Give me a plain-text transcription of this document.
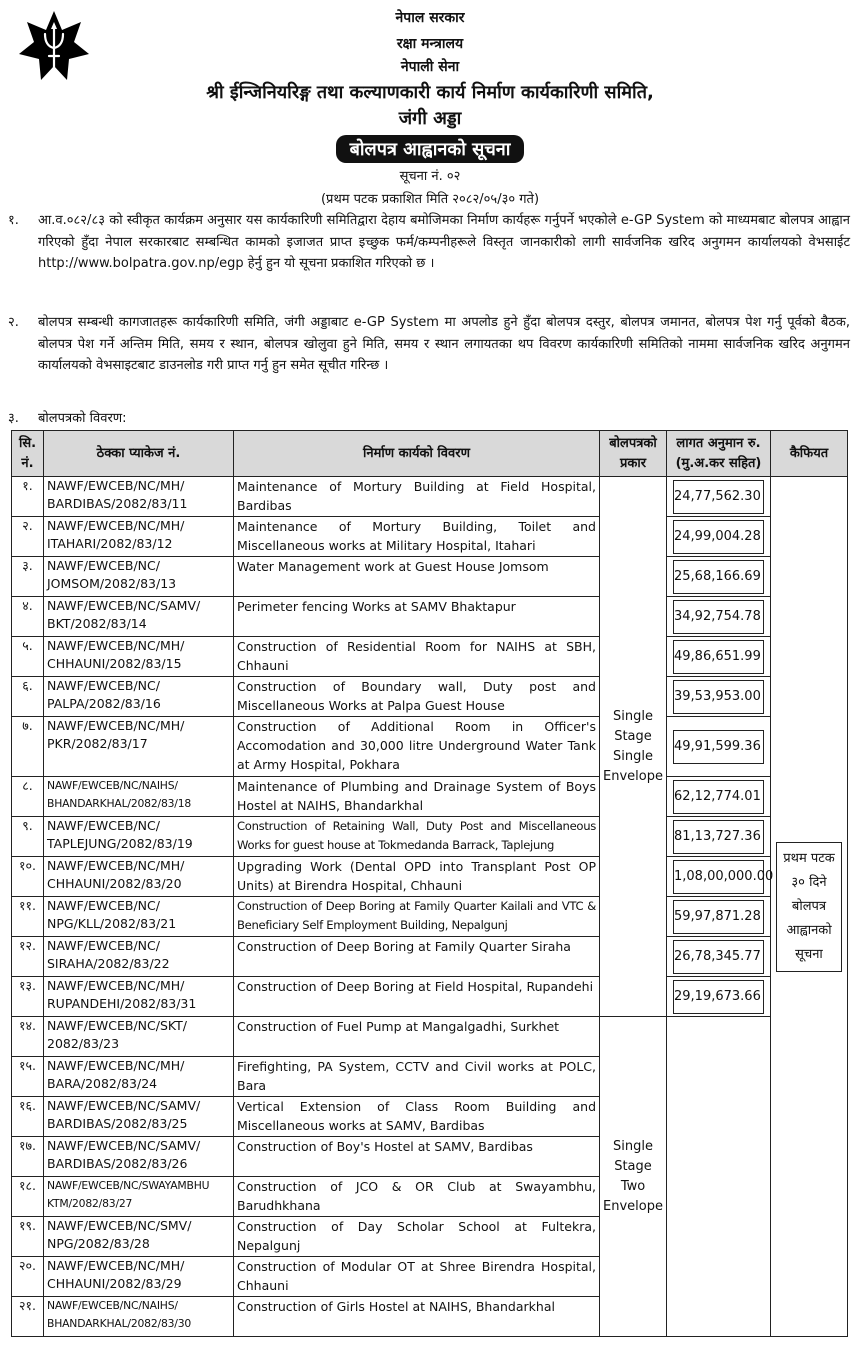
नेपाल सरकार
रक्षा मन्त्रालय
नेपाली सेना
श्री ईन्जिनियरिङ्ग तथा कल्याणकारी कार्य निर्माण कार्यकारिणी समिति,
जंगी अड्डा
बोलपत्र आह्वानको सूचना
सूचना नं. ०२
(प्रथम पटक प्रकाशित मिति २०८२/०५/३० गते)
१. आ.व.०८२/८३ को स्वीकृत कार्यक्रम अनुसार यस कार्यकारिणी समितिद्वारा देहाय बमोजिमका निर्माण कार्यहरू गर्नुपर्ने भएकोले e-GP System को माध्यमबाट बोलपत्र आह्वान गरिएको हुँदा नेपाल सरकारबाट सम्बन्धित कामको इजाजत प्राप्त इच्छुक फर्म/कम्पनीहरूले विस्तृत जानकारीको लागी सार्वजनिक खरिद अनुगमन कार्यालयको वेभसाईट http://www.bolpatra.gov.np/egp हेर्नु हुन यो सूचना प्रकाशित गरिएको छ ।
२. बोलपत्र सम्बन्धी कागजातहरू कार्यकारिणी समिति, जंगी अड्डाबाट e-GP System मा अपलोड हुने हुँदा बोलपत्र दस्तुर, बोलपत्र जमानत, बोलपत्र पेश गर्नु पूर्वको बैठक, बोलपत्र पेश गर्ने अन्तिम मिति, समय र स्थान, बोलपत्र खोलुवा हुने मिति, समय र स्थान लगायतका थप विवरण कार्यकारिणी समितिको नाममा सार्वजनिक खरिद अनुगमन कार्यालयको वेभसाइटबाट डाउनलोड गरी प्राप्त गर्नु हुन समेत सूचीत गरिन्छ ।
३. बोलपत्रको विवरण:
सि. नं.	ठेक्का प्याकेज नं.	निर्माण कार्यको विवरण	बोलपत्रको प्रकार	लागत अनुमान रु. (मु.अ.कर सहित)	कैफियत
१.	NAWF/EWCEB/NC/MH/
BARDIBAS/2082/83/11	Maintenance of Mortury Building at Field Hospital, Bardibas	Single Stage Single Envelope	24,77,562.30	प्रथम पटक ३० दिने बोलपत्र आह्वानको सूचना

२.	NAWF/EWCEB/NC/MH/
ITAHARI/2082/83/12	Maintenance of Mortury Building, Toilet and Miscellaneous works at Military Hospital, Itahari		24,99,004.28	

३.	NAWF/EWCEB/NC/
JOMSOM/2082/83/13	Water Management work at Guest House Jomsom		25,68,166.69	

४.	NAWF/EWCEB/NC/SAMV/
BKT/2082/83/14	Perimeter fencing Works at SAMV Bhaktapur		34,92,754.78	

५.	NAWF/EWCEB/NC/MH/
CHHAUNI/2082/83/15	Construction of Residential Room for NAIHS at SBH, Chhauni		49,86,651.99	

६.	NAWF/EWCEB/NC/
PALPA/2082/83/16	Construction of Boundary wall, Duty post and Miscellaneous Works at Palpa Guest House		39,53,953.00	

७.	NAWF/EWCEB/NC/MH/
PKR/2082/83/17	Construction of Additional Room in Officer's Accomodation and 30,000 litre Underground Water Tank at Army Hospital, Pokhara		49,91,599.36	

८.	NAWF/EWCEB/NC/NAIHS/
BHANDARKHAL/2082/83/18	Maintenance of Plumbing and Drainage System of Boys Hostel at NAIHS, Bhandarkhal		62,12,774.01	

९.	NAWF/EWCEB/NC/
TAPLEJUNG/2082/83/19	Construction of Retaining Wall, Duty Post and Miscellaneous Works for guest house at Tokmedanda Barrack, Taplejung		81,13,727.36	

१०.	NAWF/EWCEB/NC/MH/
CHHAUNI/2082/83/20	Upgrading Work (Dental OPD into Transplant Post OP Units) at Birendra Hospital, Chhauni		1,08,00,000.00	

११.	NAWF/EWCEB/NC/
NPG/KLL/2082/83/21	Construction of Deep Boring at Family Quarter Kailali and VTC & Beneficiary Self Employment Building, Nepalgunj		59,97,871.28	

१२.	NAWF/EWCEB/NC/
SIRAHA/2082/83/22	Construction of Deep Boring at Family Quarter Siraha		26,78,345.77	

१३.	NAWF/EWCEB/NC/MH/
RUPANDEHI/2082/83/31	Construction of Deep Boring at Field Hospital, Rupandehi		29,19,673.66	

१४.	NAWF/EWCEB/NC/SKT/
2082/83/23	Construction of Fuel Pump at Mangalgadhi, Surkhet	Single Stage Two Envelope		
१५.	NAWF/EWCEB/NC/MH/
BARA/2082/83/24	Firefighting, PA System, CCTV and Civil works at POLC, Bara			
१६.	NAWF/EWCEB/NC/SAMV/
BARDIBAS/2082/83/25	Vertical Extension of Class Room Building and Miscellaneous works at SAMV, Bardibas			
१७.	NAWF/EWCEB/NC/SAMV/
BARDIBAS/2082/83/26	Construction of Boy's Hostel at SAMV, Bardibas			
१८.	NAWF/EWCEB/NC/SWAYAMBHU
KTM/2082/83/27	Construction of JCO & OR Club at Swayambhu, Barudhkhana			
१९.	NAWF/EWCEB/NC/SMV/
NPG/2082/83/28	Construction of Day Scholar School at Fultekra, Nepalgunj			
२०.	NAWF/EWCEB/NC/MH/
CHHAUNI/2082/83/29	Construction of Modular OT at Shree Birendra Hospital, Chhauni			
२१.	NAWF/EWCEB/NC/NAIHS/
BHANDARKHAL/2082/83/30	Construction of Girls Hostel at NAIHS, Bhandarkhal			
